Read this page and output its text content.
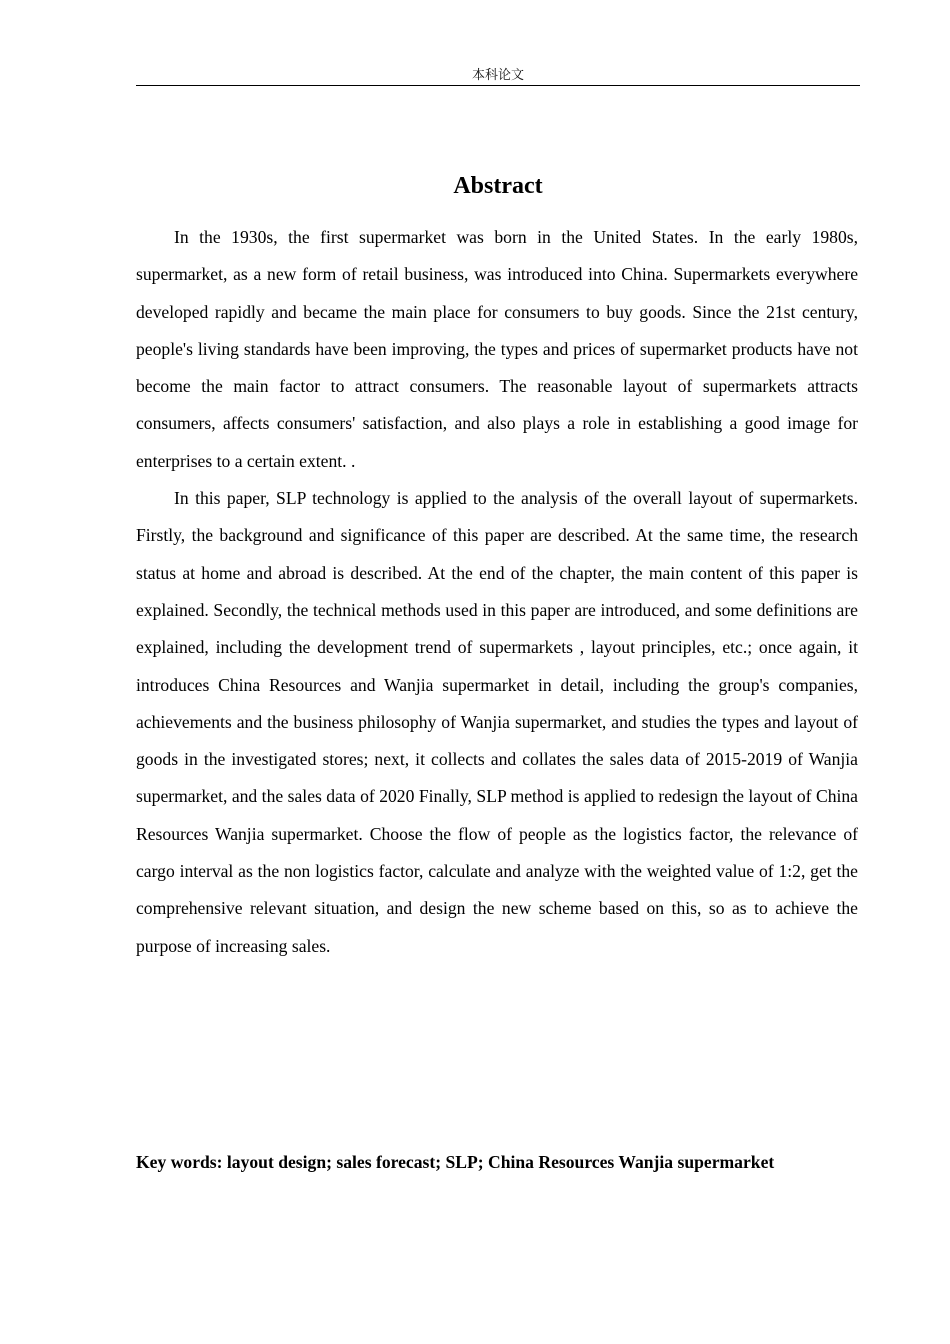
本科论文
Abstract

In the 1930s, the first supermarket was born in the United States. In the early 1980s, supermarket, as a new form of retail business, was introduced into China. Supermarkets everywhere developed rapidly and became the main place for consumers to buy goods. Since the 21st century, people's living standards have been improving, the types and prices of supermarket products have not become the main factor to attract consumers. The reasonable layout of supermarkets attracts consumers, affects consumers' satisfaction, and also plays a role in establishing a good image for enterprises to a certain extent. .

In this paper, SLP technology is applied to the analysis of the overall layout of supermarkets. Firstly, the background and significance of this paper are described. At the same time, the research status at home and abroad is described. At the end of the chapter, the main content of this paper is explained. Secondly, the technical methods used in this paper are introduced, and some definitions are explained, including the development trend of supermarkets , layout principles, etc.; once again, it introduces China Resources and Wanjia supermarket in detail, including the group's companies, achievements and the business philosophy of Wanjia supermarket, and studies the types and layout of goods in the investigated stores; next, it collects and collates the sales data of 2015-2019 of Wanjia supermarket, and the sales data of 2020 Finally, SLP method is applied to redesign the layout of China Resources Wanjia supermarket. Choose the flow of people as the logistics factor, the relevance of cargo interval as the non logistics factor, calculate and analyze with the weighted value of 1:2, get the comprehensive relevant situation, and design the new scheme based on this, so as to achieve the purpose of increasing sales.

Key words: layout design; sales forecast; SLP; China Resources Wanjia supermarket
